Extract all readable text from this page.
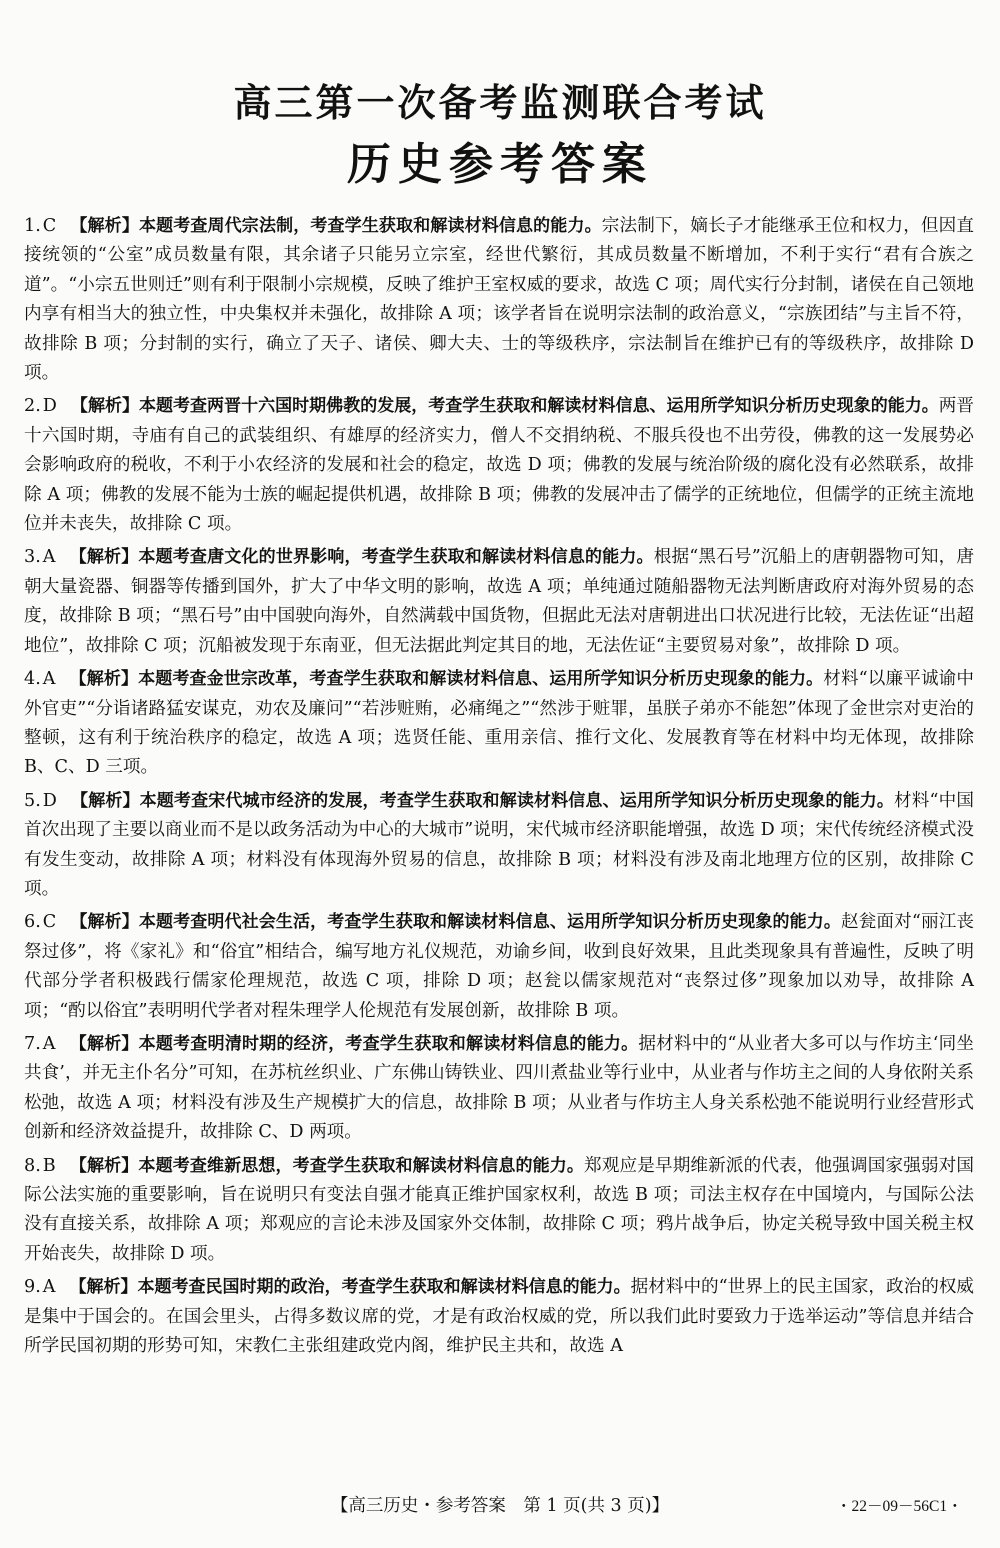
高三第一次备考监测联合考试
历史参考答案
1. C 【解析】本题考查周代宗法制，考查学生获取和解读材料信息的能力。宗法制下，嫡长子才能继承王位和权力，但因直接统领的“公室”成员数量有限，其余诸子只能另立宗室，经世代繁衍，其成员数量不断增加，不利于实行“君有合族之道”。“小宗五世则迁”则有利于限制小宗规模，反映了维护王室权威的要求，故选 C 项；周代实行分封制，诸侯在自己领地内享有相当大的独立性，中央集权并未强化，故排除 A 项；该学者旨在说明宗法制的政治意义，“宗族团结”与主旨不符，故排除 B 项；分封制的实行，确立了天子、诸侯、卿大夫、士的等级秩序，宗法制旨在维护已有的等级秩序，故排除 D 项。
2. D 【解析】本题考查两晋十六国时期佛教的发展，考查学生获取和解读材料信息、运用所学知识分析历史现象的能力。两晋十六国时期，寺庙有自己的武装组织、有雄厚的经济实力，僧人不交捐纳税、不服兵役也不出劳役，佛教的这一发展势必会影响政府的税收，不利于小农经济的发展和社会的稳定，故选 D 项；佛教的发展与统治阶级的腐化没有必然联系，故排除 A 项；佛教的发展不能为士族的崛起提供机遇，故排除 B 项；佛教的发展冲击了儒学的正统地位，但儒学的正统主流地位并未丧失，故排除 C 项。
3. A 【解析】本题考查唐文化的世界影响，考查学生获取和解读材料信息的能力。根据“黑石号”沉船上的唐朝器物可知，唐朝大量瓷器、铜器等传播到国外，扩大了中华文明的影响，故选 A 项；单纯通过随船器物无法判断唐政府对海外贸易的态度，故排除 B 项；“黑石号”由中国驶向海外，自然满载中国货物，但据此无法对唐朝进出口状况进行比较，无法佐证“出超地位”，故排除 C 项；沉船被发现于东南亚，但无法据此判定其目的地，无法佐证“主要贸易对象”，故排除 D 项。
4. A 【解析】本题考查金世宗改革，考查学生获取和解读材料信息、运用所学知识分析历史现象的能力。材料“以廉平诚谕中外官吏”“分诣诸路猛安谋克，劝农及廉问”“若涉赃贿，必痛绳之”“然涉于赃罪，虽朕子弟亦不能恕”体现了金世宗对吏治的整顿，这有利于统治秩序的稳定，故选 A 项；选贤任能、重用亲信、推行文化、发展教育等在材料中均无体现，故排除 B、C、D 三项。
5. D 【解析】本题考查宋代城市经济的发展，考查学生获取和解读材料信息、运用所学知识分析历史现象的能力。材料“中国首次出现了主要以商业而不是以政务活动为中心的大城市”说明，宋代城市经济职能增强，故选 D 项；宋代传统经济模式没有发生变动，故排除 A 项；材料没有体现海外贸易的信息，故排除 B 项；材料没有涉及南北地理方位的区别，故排除 C 项。
6. C 【解析】本题考查明代社会生活，考查学生获取和解读材料信息、运用所学知识分析历史现象的能力。赵瓮面对“丽江丧祭过侈”，将《家礼》和“俗宜”相结合，编写地方礼仪规范，劝谕乡间，收到良好效果，且此类现象具有普遍性，反映了明代部分学者积极践行儒家伦理规范，故选 C 项，排除 D 项；赵瓮以儒家规范对“丧祭过侈”现象加以劝导，故排除 A 项；“酌以俗宜”表明明代学者对程朱理学人伦规范有发展创新，故排除 B 项。
7. A 【解析】本题考查明清时期的经济，考查学生获取和解读材料信息的能力。据材料中的“从业者大多可以与作坊主‘同坐共食’，并无主仆名分”可知，在苏杭丝织业、广东佛山铸铁业、四川煮盐业等行业中，从业者与作坊主之间的人身依附关系松弛，故选 A 项；材料没有涉及生产规模扩大的信息，故排除 B 项；从业者与作坊主人身关系松弛不能说明行业经营形式创新和经济效益提升，故排除 C、D 两项。
8. B 【解析】本题考查维新思想，考查学生获取和解读材料信息的能力。郑观应是早期维新派的代表，他强调国家强弱对国际公法实施的重要影响，旨在说明只有变法自强才能真正维护国家权利，故选 B 项；司法主权存在中国境内，与国际公法没有直接关系，故排除 A 项；郑观应的言论未涉及国家外交体制，故排除 C 项；鸦片战争后，协定关税导致中国关税主权开始丧失，故排除 D 项。
9. A 【解析】本题考查民国时期的政治，考查学生获取和解读材料信息的能力。据材料中的“世界上的民主国家，政治的权威是集中于国会的。在国会里头，占得多数议席的党，才是有政治权威的党，所以我们此时要致力于选举运动”等信息并结合所学民国初期的形势可知，宋教仁主张组建政党内阁，维护民主共和，故选 A
【高三历史・参考答案　第 1 页(共 3 页)】	・22－09－56C1・
